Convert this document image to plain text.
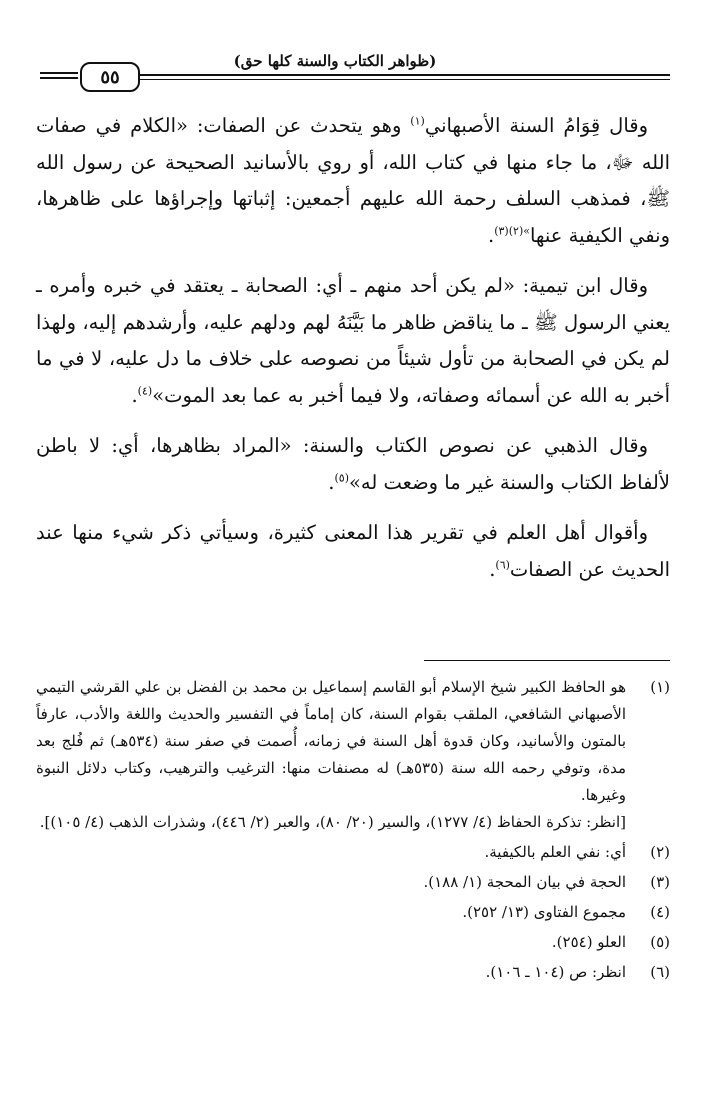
(ظواهر الكتاب والسنة كلها حق)
٥٥

وقال قِوَامُ السنة الأصبهاني$^{(١)}$ وهو يتحدث عن الصفات: «الكلام في صفات الله ﷻ، ما جاء منها في كتاب الله، أو روي بالأسانيد الصحيحة عن رسول الله ﷺ، فمذهب السلف رحمة الله عليهم أجمعين: إثباتها وإجراؤها على ظاهرها، ونفي الكيفية عنها$^{»(٢)(٣)}$.

وقال ابن تيمية: «لم يكن أحد منهم ـ أي: الصحابة ـ يعتقد في خبره وأمره ـ يعني الرسول ﷺ ـ ما يناقض ظاهر ما بَيَّنَهُ لهم ودلهم عليه، وأرشدهم إليه، ولهذا لم يكن في الصحابة من تأول شيئاً من نصوصه على خلاف ما دل عليه، لا في ما أخبر به الله عن أسمائه وصفاته، ولا فيما أخبر به عما بعد الموت»$^{(٤)}$.

وقال الذهبي عن نصوص الكتاب والسنة: «المراد بظاهرها، أي: لا باطن لألفاظ الكتاب والسنة غير ما وضعت له»$^{(٥)}$.

وأقوال أهل العلم في تقرير هذا المعنى كثيرة، وسيأتي ذكر شيء منها عند الحديث عن الصفات$^{(٦)}$.

(١)

هو الحافظ الكبير شيخ الإسلام أبو القاسم إسماعيل بن محمد بن الفضل بن علي القرشي التيمي الأصبهاني الشافعي، الملقب بقوام السنة، كان إماماً في التفسير والحديث واللغة والأدب، عارفاً بالمتون والأسانيد، وكان قدوة أهل السنة في زمانه، أُصمت في صفر سنة (٥٣٤هـ) ثم فُلج بعد مدة، وتوفي رحمه الله سنة (٥٣٥هـ) له مصنفات منها: الترغيب والترهيب، وكتاب دلائل النبوة وغيرها.

[انظر: تذكرة الحفاظ (٤/ ١٢٧٧)، والسير (٢٠/ ٨٠)، والعبر (٢/ ٤٤٦)، وشذرات الذهب (٤/ ١٠٥)].

(٢)

أي: نفي العلم بالكيفية.

(٣)

الحجة في بيان المحجة (١/ ١٨٨).

(٤)

مجموع الفتاوى (١٣/ ٢٥٢).

(٥)

العلو (٢٥٤).

(٦)

انظر: ص (١٠٤ ـ ١٠٦).
